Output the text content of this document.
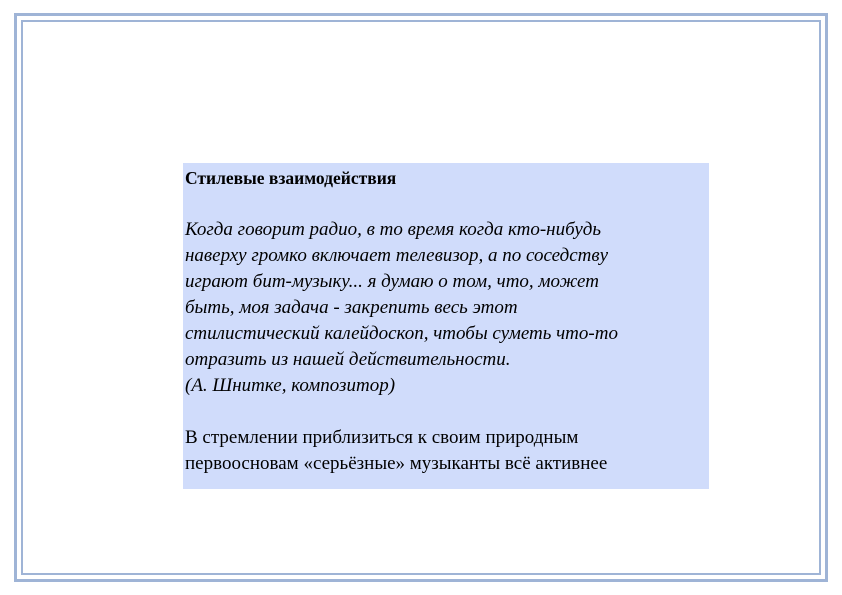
Стилевые взаимодействия

Когда говорит радио, в то время когда кто-нибудь
наверху громко включает телевизор, а по соседству
играют бит-музыку... я думаю о том, что, может
быть, моя задача - закрепить весь этот
стилистический калейдоскоп, чтобы суметь что-то
отразить из нашей действительности.

(А. Шнитке, композитор)

В стремлении приблизиться к своим природным
первоосновам «серьёзные» музыканты всё активнее
